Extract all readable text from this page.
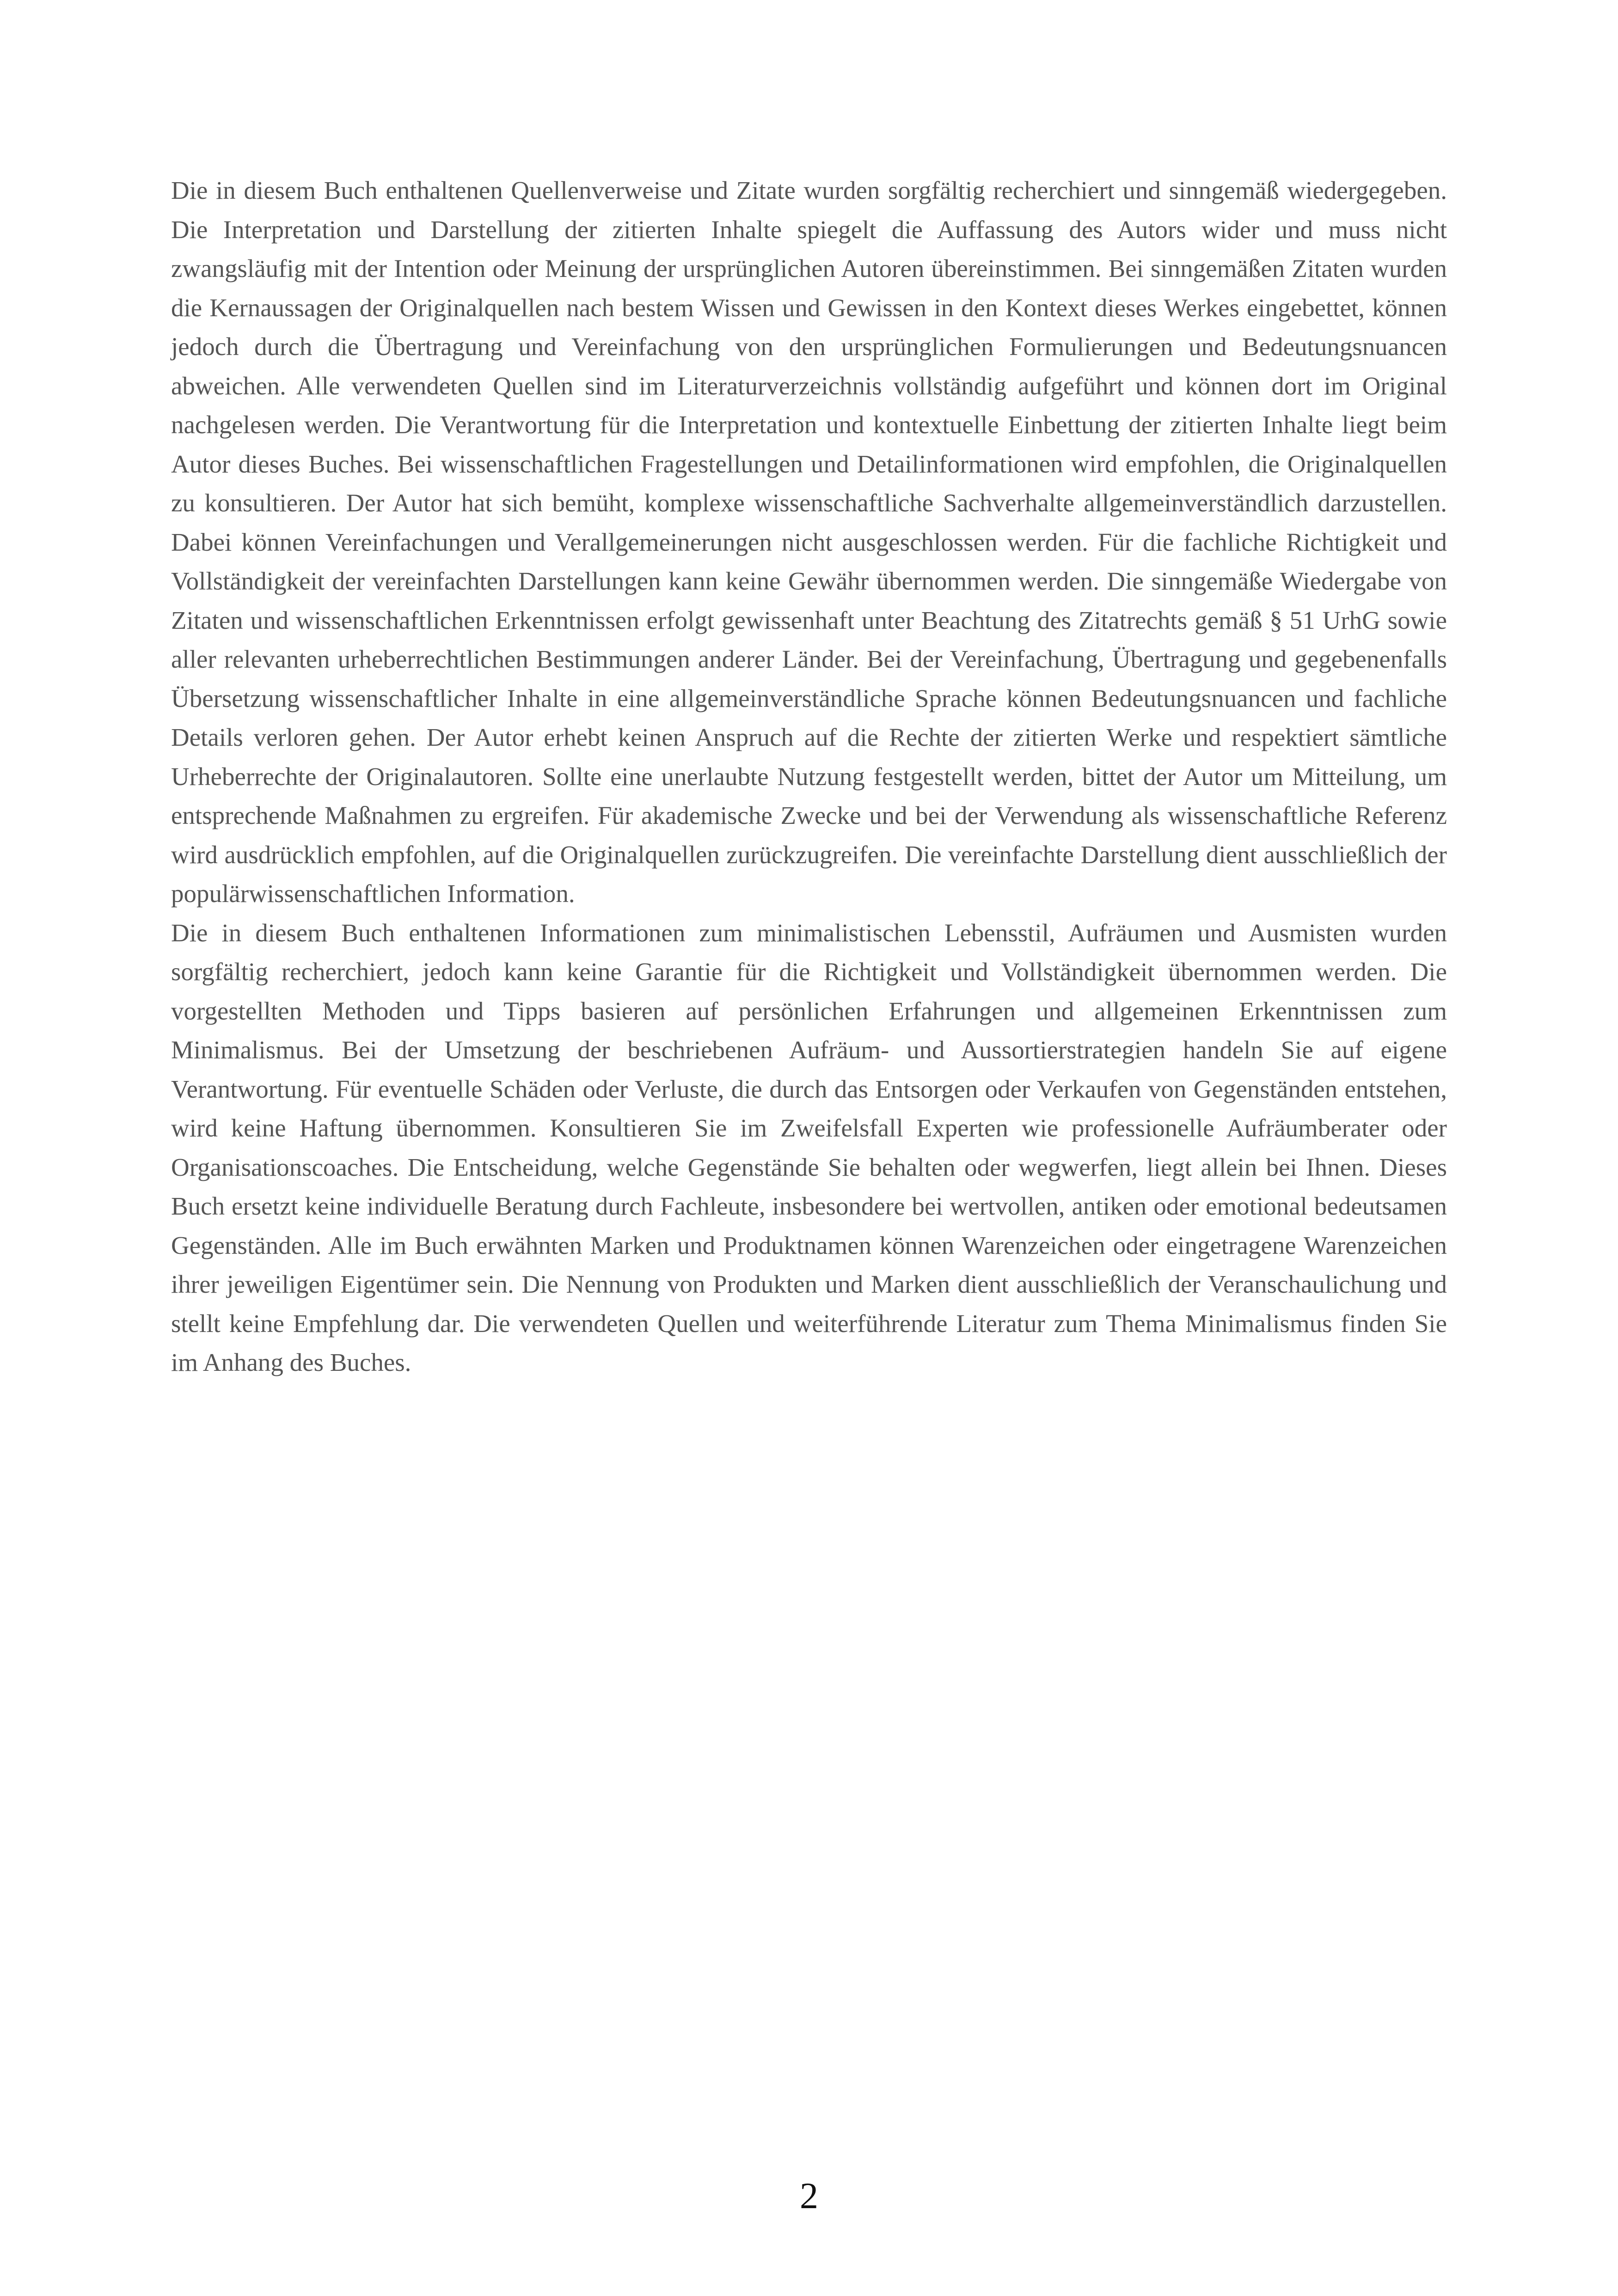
Die in diesem Buch enthaltenen Quellenverweise und Zitate wurden sorgfältig recherchiert und sinngemäß wiedergegeben. Die Interpretation und Darstellung der zitierten Inhalte spiegelt die Auffassung des Autors wider und muss nicht zwangsläufig mit der Intention oder Meinung der ursprünglichen Autoren übereinstimmen. Bei sinngemäßen Zitaten wurden die Kernaussagen der Originalquellen nach bestem Wissen und Gewissen in den Kontext dieses Werkes eingebettet, können jedoch durch die Übertragung und Vereinfachung von den ursprünglichen Formulierungen und Bedeutungsnuancen abweichen. Alle verwendeten Quellen sind im Literaturverzeichnis vollständig aufgeführt und können dort im Original nachgelesen werden. Die Verantwortung für die Interpretation und kontextuelle Einbettung der zitierten Inhalte liegt beim Autor dieses Buches. Bei wissenschaftlichen Fragestellungen und Detailinformationen wird empfohlen, die Originalquellen zu konsultieren. Der Autor hat sich bemüht, komplexe wissenschaftliche Sachverhalte allgemeinverständlich darzustellen. Dabei können Vereinfachungen und Verallgemeinerungen nicht ausgeschlossen werden. Für die fachliche Richtigkeit und Vollständigkeit der vereinfachten Darstellungen kann keine Gewähr übernommen werden. Die sinngemäße Wiedergabe von Zitaten und wissenschaftlichen Erkenntnissen erfolgt gewissenhaft unter Beachtung des Zitatrechts gemäß § 51 UrhG sowie aller relevanten urheberrechtlichen Bestimmungen anderer Länder. Bei der Vereinfachung, Übertragung und gegebenenfalls Übersetzung wissenschaftlicher Inhalte in eine allgemeinverständliche Sprache können Bedeutungsnuancen und fachliche Details verloren gehen. Der Autor erhebt keinen Anspruch auf die Rechte der zitierten Werke und respektiert sämtliche Urheberrechte der Originalautoren. Sollte eine unerlaubte Nutzung festgestellt werden, bittet der Autor um Mitteilung, um entsprechende Maßnahmen zu ergreifen. Für akademische Zwecke und bei der Verwendung als wissenschaftliche Referenz wird ausdrücklich empfohlen, auf die Originalquellen zurückzugreifen. Die vereinfachte Darstellung dient ausschließlich der populärwissenschaftlichen Information.

Die in diesem Buch enthaltenen Informationen zum minimalistischen Lebensstil, Aufräumen und Ausmisten wurden sorgfältig recherchiert, jedoch kann keine Garantie für die Richtigkeit und Vollständigkeit übernommen werden. Die vorgestellten Methoden und Tipps basieren auf persönlichen Erfahrungen und allgemeinen Erkenntnissen zum Minimalismus. Bei der Umsetzung der beschriebenen Aufräum- und Aussortierstrategien handeln Sie auf eigene Verantwortung. Für eventuelle Schäden oder Verluste, die durch das Entsorgen oder Verkaufen von Gegenständen entstehen, wird keine Haftung übernommen. Konsultieren Sie im Zweifelsfall Experten wie professionelle Aufräumberater oder Organisationscoaches. Die Entscheidung, welche Gegenstände Sie behalten oder wegwerfen, liegt allein bei Ihnen. Dieses Buch ersetzt keine individuelle Beratung durch Fachleute, insbesondere bei wertvollen, antiken oder emotional bedeutsamen Gegenständen. Alle im Buch erwähnten Marken und Produktnamen können Warenzeichen oder eingetragene Warenzeichen ihrer jeweiligen Eigentümer sein. Die Nennung von Produkten und Marken dient ausschließlich der Veranschaulichung und stellt keine Empfehlung dar. Die verwendeten Quellen und weiterführende Literatur zum Thema Minimalismus finden Sie im Anhang des Buches.

2
